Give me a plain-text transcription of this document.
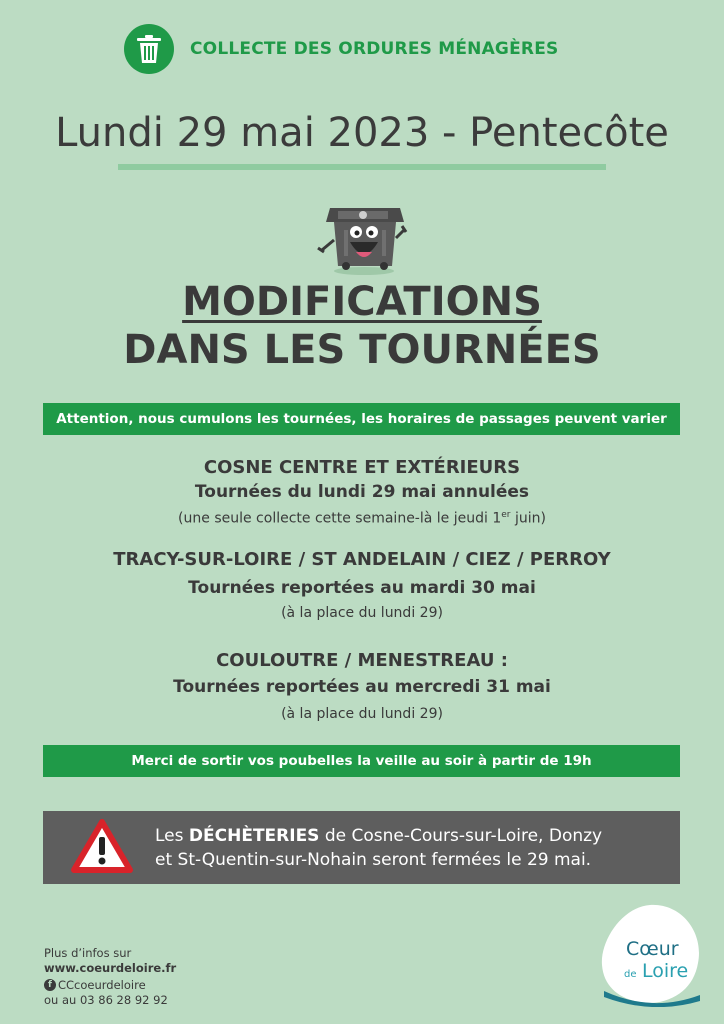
COLLECTE DES ORDURES MÉNAGÈRES
Lundi 29 mai 2023 - Pentecôte
MODIFICATIONS
DANS LES TOURNÉES
Attention, nous cumulons les tournées, les horaires de passages peuvent varier
COSNE CENTRE ET EXTÉRIEURS
Tournées du lundi 29 mai annulées
(une seule collecte cette semaine-là le jeudi 1er juin)
TRACY-SUR-LOIRE / ST ANDELAIN / CIEZ / PERROY
Tournées reportées au mardi 30 mai
(à la place du lundi 29)
COULOUTRE / MENESTREAU :
Tournées reportées au mercredi 31 mai
(à la place du lundi 29)
Merci de sortir vos poubelles la veille au soir à partir de 19h
Les DÉCHÈTERIES de Cosne-Cours-sur-Loire, Donzy
et St-Quentin-sur-Nohain seront fermées le 29 mai.
Plus d’infos sur
www.coeurdeloire.fr
f CCcoeurdeloire
ou au 03 86 28 92 92
Cœur
de Loire
